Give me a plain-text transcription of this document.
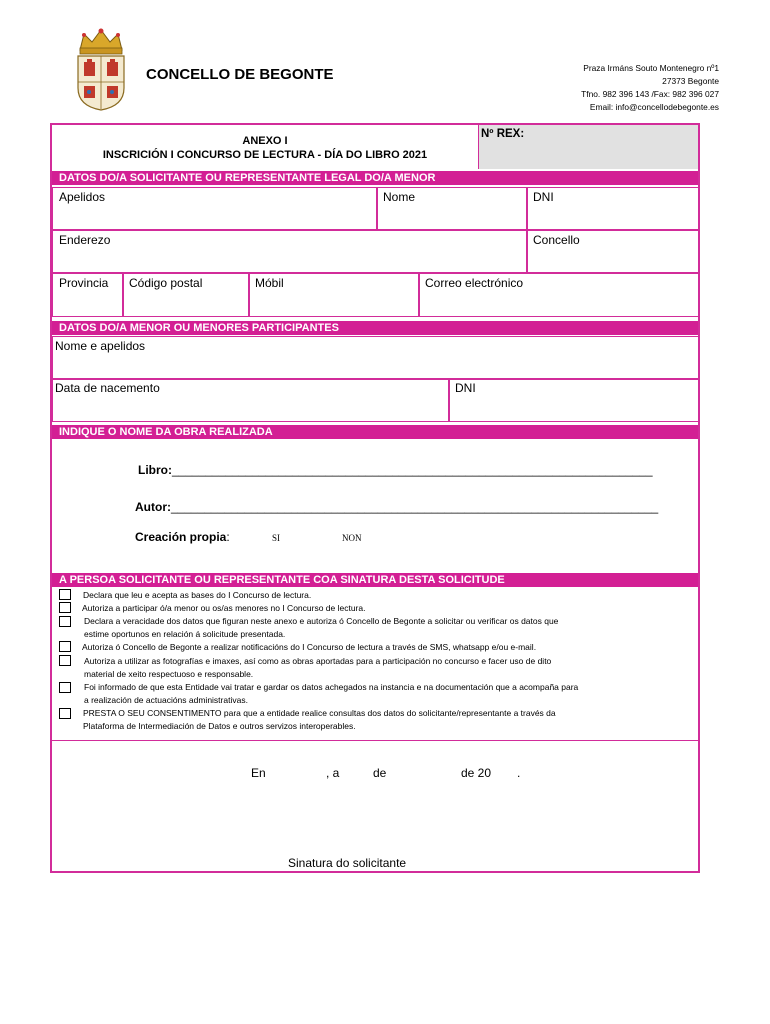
CONCELLO DE BEGONTE	Praza Irmáns Souto Montenegro nº1
27373 Begonte
Tfno. 982 396 143 /Fax: 982 396 027
Email: info@concellodebegonte.es
ANEXO I
INSCRICIÓN I CONCURSO DE LECTURA - DÍA DO LIBRO 2021
Nº REX:
DATOS DO/A SOLICITANTE OU REPRESENTANTE LEGAL DO/A MENOR
Apelidos	Nome	DNI
Enderezo	Concello
Provincia	Código postal	Móbil	Correo electrónico
DATOS DO/A MENOR OU MENORES PARTICIPANTES
Nome e apelidos
Data de nacemento	DNI
INDIQUE O NOME DA OBRA REALIZADA
Libro:________________________________________________________________________
Autor:_________________________________________________________________________
Creación propia:	SI	NON
A PERSOA SOLICITANTE OU REPRESENTANTE COA SINATURA DESTA SOLICITUDE
Declara que leu e acepta as bases do I Concurso de lectura.
Autoriza a participar ó/a menor ou os/as menores no I Concurso de lectura.
Declara a veracidade dos datos que figuran neste anexo e autoriza ó Concello de Begonte a solicitar ou verificar os datos que
estime oportunos en relación á solicitude presentada.
Autoriza ó Concello de Begonte a realizar notificacións do I Concurso de lectura a través de SMS, whatsapp e/ou e-mail.
Autoriza a utilizar as fotografías e imaxes, así como as obras aportadas para a participación no concurso e facer uso de dito
material de xeito respectuoso e responsable.
Foi informado de que esta Entidade vai tratar e gardar os datos achegados na instancia e na documentación que a acompaña para
a realización de actuacións administrativas.
PRESTA O SEU CONSENTIMENTO para que a entidade realice consultas dos datos do solicitante/representante a través da
Plataforma de Intermediación de Datos e outros servizos interoperables.
En	, a	de	de 20 .
Sinatura do solicitante
